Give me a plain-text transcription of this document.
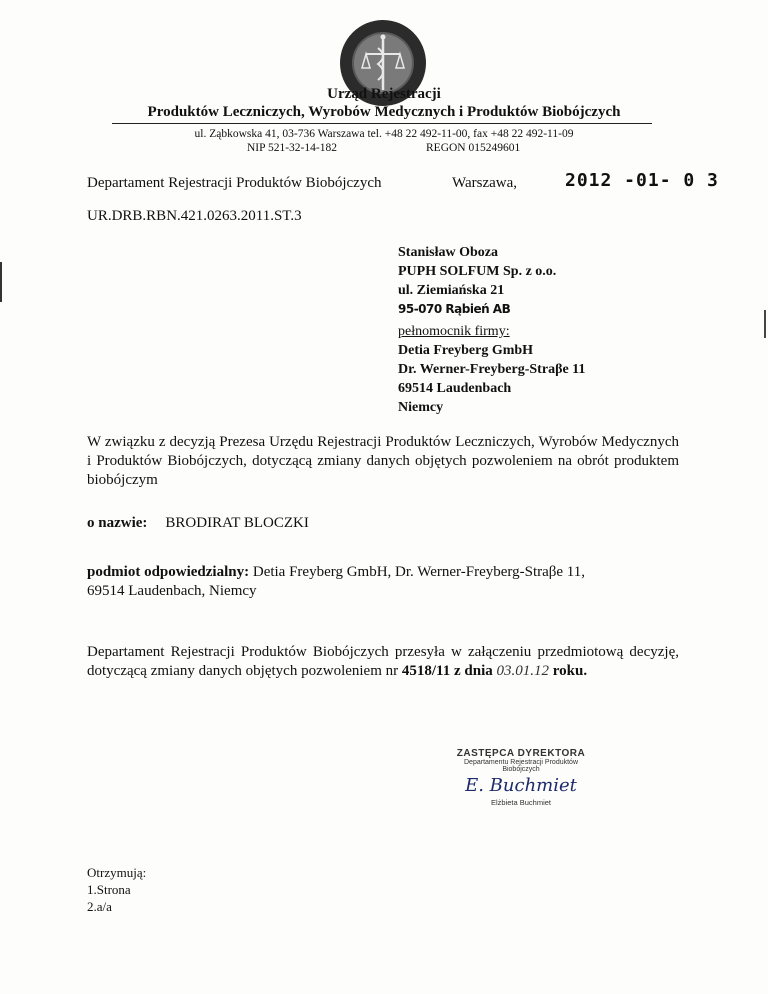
Urząd Rejestracji
Produktów Leczniczych, Wyrobów Medycznych i Produktów Biobójczych
ul. Ząbkowska 41, 03-736 Warszawa tel. +48 22 492-11-00, fax +48 22 492-11-09
NIP 521-32-14-182	REGON 015249601
Departament Rejestracji Produktów Biobójczych	Warszawa,	2012 -01- 0 3
UR.DRB.RBN.421.0263.2011.ST.3
Stanisław Oboza
PUPH SOLFUM Sp. z o.o.
ul. Ziemiańska 21
95-070 Rąbień AB
pełnomocnik firmy:
Detia Freyberg GmbH
Dr. Werner-Freyberg-Straβe 11
69514 Laudenbach
Niemcy
W związku z decyzją Prezesa Urzędu Rejestracji Produktów Leczniczych, Wyrobów Medycznych i Produktów Biobójczych, dotyczącą zmiany danych objętych pozwoleniem na obrót produktem biobójczym
o nazwie: BRODIRAT BLOCZKI
podmiot odpowiedzialny: Detia Freyberg GmbH, Dr. Werner-Freyberg-Straβe 11,
69514 Laudenbach, Niemcy
Departament Rejestracji Produktów Biobójczych przesyła w załączeniu przedmiotową decyzję, dotyczącą zmiany danych objętych pozwoleniem nr 4518/11 z dnia 03.01.12 roku.
ZASTĘPCA DYREKTORA
Departamentu Rejestracji Produktów
Biobójczych
E. Buchmiet
Elżbieta Buchmiet
Otrzymują:
1.Strona
2.a/a
